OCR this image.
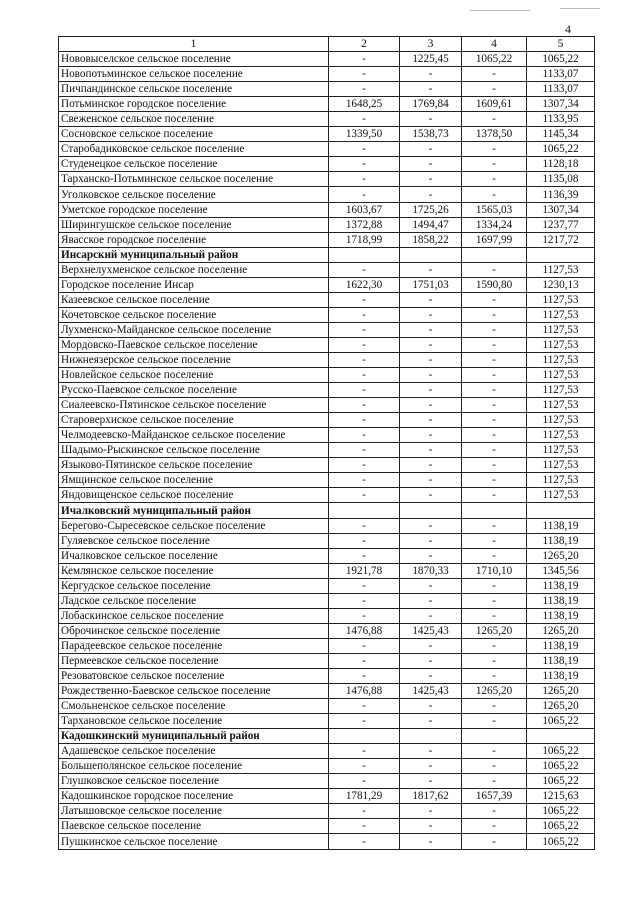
4
1	2	3	4	5
Нововыселское сельское поселение	-	1225,45	1065,22	1065,22
Новопотьминское сельское поселение	-	-	-	1133,07
Пичпандинское сельское поселение	-	-	-	1133,07
Потьминское городское поселение	1648,25	1769,84	1609,61	1307,34
Свеженское сельское поселение	-	-	-	1133,95
Сосновское сельское поселение	1339,50	1538,73	1378,50	1145,34
Старобадиковское сельское поселение	-	-	-	1065,22
Студенецкое сельское поселение	-	-	-	1128,18
Тарханско-Потьминское сельское поселение	-	-	-	1135,08
Уголковское сельское поселение	-	-	-	1136,39
Уметское городское поселение	1603,67	1725,26	1565,03	1307,34
Ширингушское сельское поселение	1372,88	1494,47	1334,24	1237,77
Явасское городское поселение	1718,99	1858,22	1697,99	1217,72
Инсарский муниципальный район				
Верхнелухменское сельское поселение	-	-	-	1127,53
Городское поселение Инсар	1622,30	1751,03	1590,80	1230,13
Казеевское сельское поселение	-	-	-	1127,53
Кочетовское сельское поселение	-	-	-	1127,53
Лухменско-Майданское сельское поселение	-	-	-	1127,53
Мордовско-Паевское сельское поселение	-	-	-	1127,53
Нижнеязерское сельское поселение	-	-	-	1127,53
Новлейское сельское поселение	-	-	-	1127,53
Русско-Паевское сельское поселение	-	-	-	1127,53
Сиалеевско-Пятинское сельское поселение	-	-	-	1127,53
Староверхиское сельское поселение	-	-	-	1127,53
Челмодеевско-Майданское сельское поселение	-	-	-	1127,53
Шадымо-Рыскинское сельское поселение	-	-	-	1127,53
Языково-Пятинское сельское поселение	-	-	-	1127,53
Ямщинское сельское поселение	-	-	-	1127,53
Яндовищенское сельское поселение	-	-	-	1127,53
Ичалковский муниципальный район				
Берегово-Сыресевское сельское поселение	-	-	-	1138,19
Гуляевское сельское поселение	-	-	-	1138,19
Ичалковское сельское поселение	-	-	-	1265,20
Кемлянское сельское поселение	1921,78	1870,33	1710,10	1345,56
Кергудское сельское поселение	-	-	-	1138,19
Ладское сельское поселение	-	-	-	1138,19
Лобаскинское сельское поселение	-	-	-	1138,19
Оброчинское сельское поселение	1476,88	1425,43	1265,20	1265,20
Парадеевское сельское поселение	-	-	-	1138,19
Пермеевское сельское поселение	-	-	-	1138,19
Резоватовское сельское поселение	-	-	-	1138,19
Рождественно-Баевское сельское поселение	1476,88	1425,43	1265,20	1265,20
Смольненское сельское поселение	-	-	-	1265,20
Тархановское сельское поселение	-	-	-	1065,22
Кадошкинский муниципальный район				
Адашевское сельское поселение	-	-	-	1065,22
Большеполянское сельское поселение	-	-	-	1065,22
Глушковское сельское поселение	-	-	-	1065,22
Кадошкинское городское поселение	1781,29	1817,62	1657,39	1215,63
Латышовское сельское поселение	-	-	-	1065,22
Паевское сельское поселение	-	-	-	1065,22
Пушкинское сельское поселение	-	-	-	1065,22
